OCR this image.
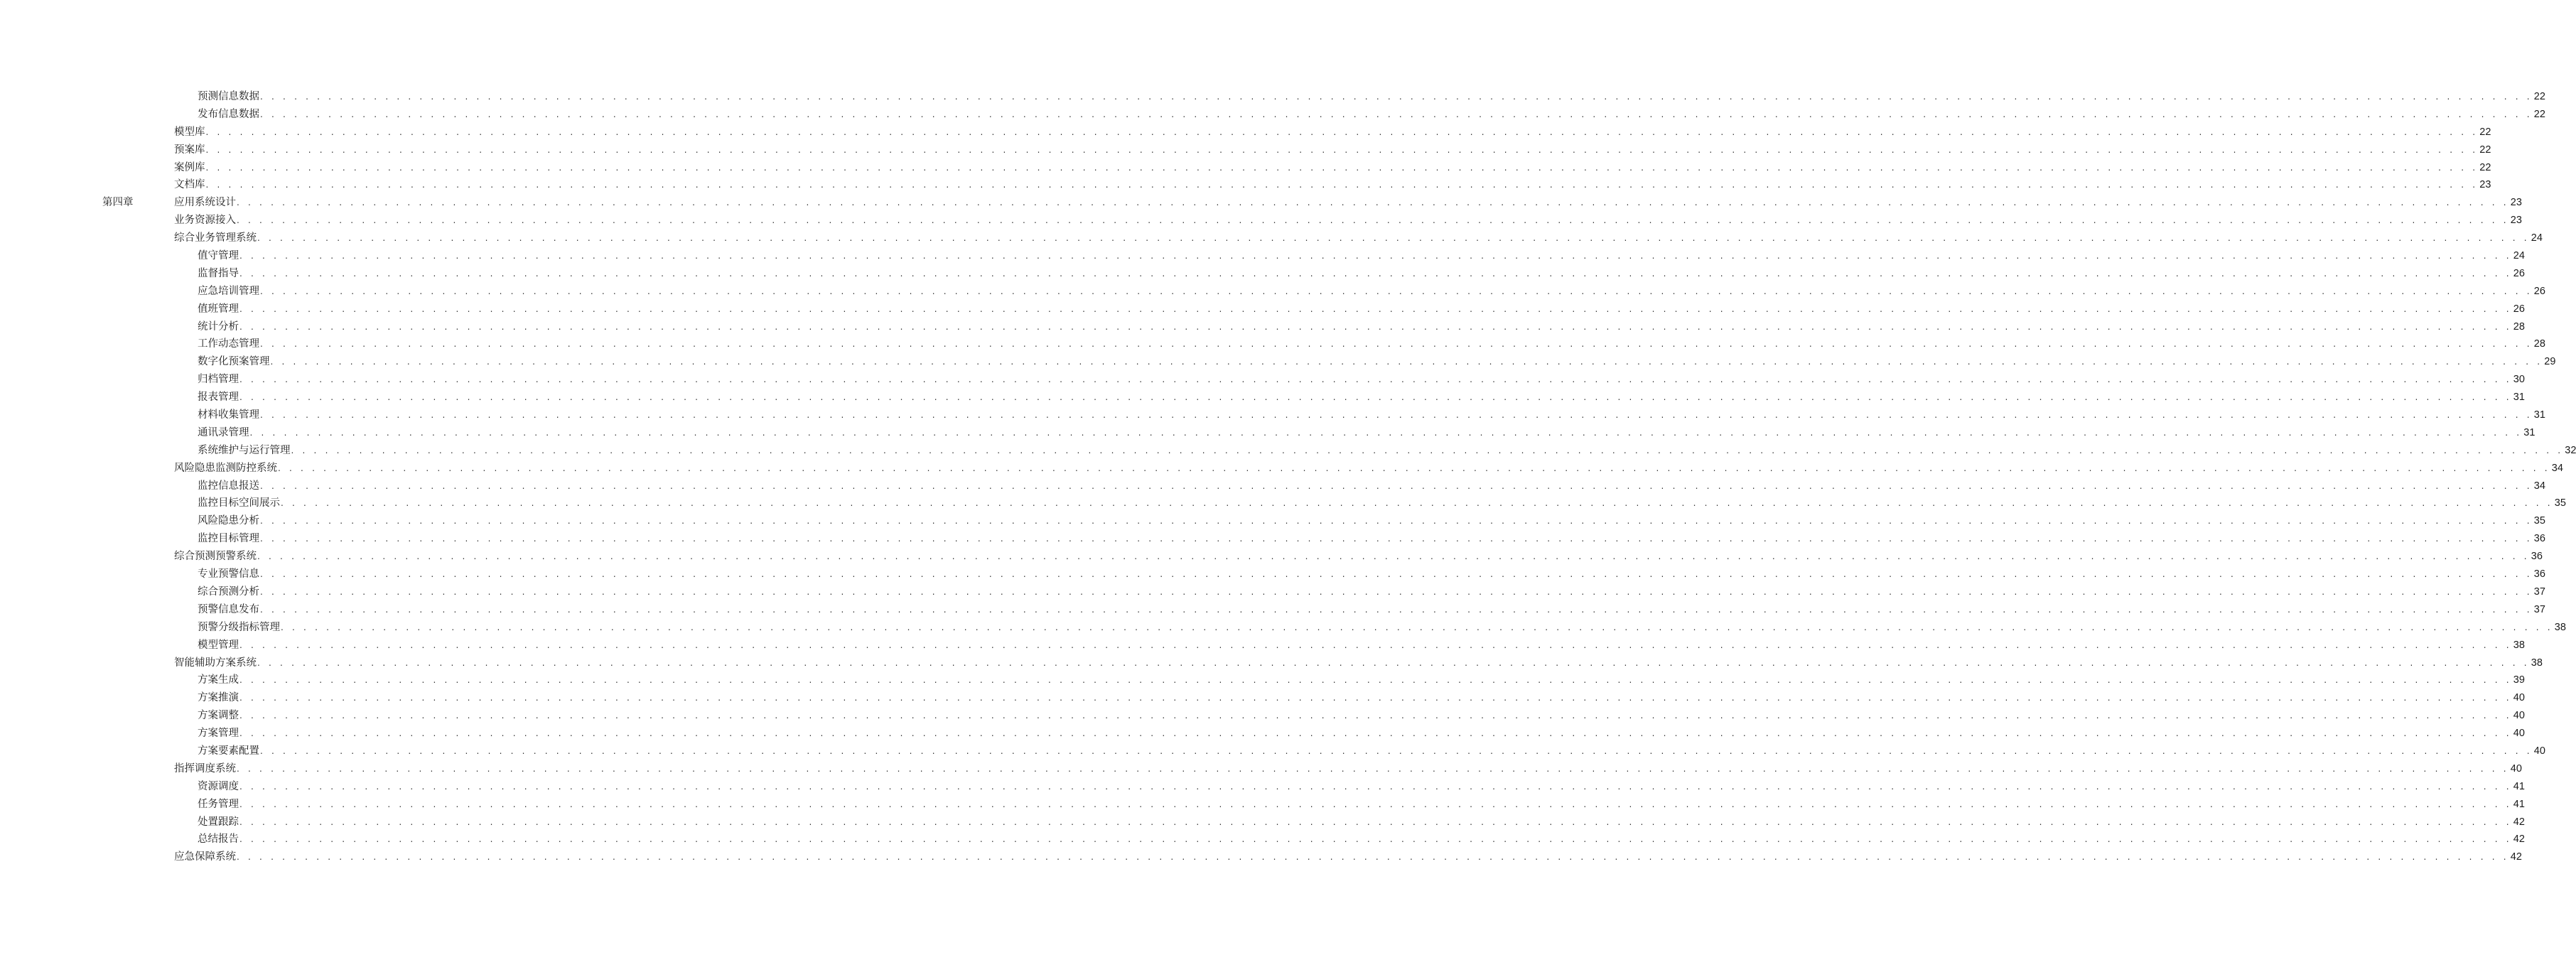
预测信息数据 . . . . . . . . . . . . . . . . . . . . . . . . . . . . . . . . . . . . . . . . . . . . . . . . . . . . . . . . . . . . . . . . . . . . . . . . . . . . . . . . . . . . . . . . . . . . . . . . . . . . . . . . . . . . . . . . . . . . . . . . . . . . . . . . . . . . . . . . . . . . . . . . . . . . . . . . . . . . . . . . . . . . . . . . . . . . . . . . . . . . . . . . . . . . . . . . . . . . . . . . 22
发布信息数据 . . . . . . . . . . . . . . . . . . . . . . . . . . . . . . . . . . . . . . . . . . . . . . . . . . . . . . . . . . . . . . . . . . . . . . . . . . . . . . . . . . . . . . . . . . . . . . . . . . . . . . . . . . . . . . . . . . . . . . . . . . . . . . . . . . . . . . . . . . . . . . . . . . . . . . . . . . . . . . . . . . . . . . . . . . . . . . . . . . . . . . . . . . . . . . . . . . . . . . . . 22
模型库 . . . . . . . . . . . . . . . . . . . . . . . . . . . . . . . . . . . . . . . . . . . . . . . . . . . . . . . . . . . . . . . . . . . . . . . . . . . . . . . . . . . . . . . . . . . . . . . . . . . . . . . . . . . . . . . . . . . . . . . . . . . . . . . . . . . . . . . . . . . . . . . . . . . . . . . . . . . . . . . . . . . . . . . . . . . . . . . . . . . . . . . . . . . . . . . . . . . . . . . . 22
预案库 . . . . . . . . . . . . . . . . . . . . . . . . . . . . . . . . . . . . . . . . . . . . . . . . . . . . . . . . . . . . . . . . . . . . . . . . . . . . . . . . . . . . . . . . . . . . . . . . . . . . . . . . . . . . . . . . . . . . . . . . . . . . . . . . . . . . . . . . . . . . . . . . . . . . . . . . . . . . . . . . . . . . . . . . . . . . . . . . . . . . . . . . . . . . . . . . . . . . . . . . 22
案例库 . . . . . . . . . . . . . . . . . . . . . . . . . . . . . . . . . . . . . . . . . . . . . . . . . . . . . . . . . . . . . . . . . . . . . . . . . . . . . . . . . . . . . . . . . . . . . . . . . . . . . . . . . . . . . . . . . . . . . . . . . . . . . . . . . . . . . . . . . . . . . . . . . . . . . . . . . . . . . . . . . . . . . . . . . . . . . . . . . . . . . . . . . . . . . . . . . . . . . . . . 22
文档库 . . . . . . . . . . . . . . . . . . . . . . . . . . . . . . . . . . . . . . . . . . . . . . . . . . . . . . . . . . . . . . . . . . . . . . . . . . . . . . . . . . . . . . . . . . . . . . . . . . . . . . . . . . . . . . . . . . . . . . . . . . . . . . . . . . . . . . . . . . . . . . . . . . . . . . . . . . . . . . . . . . . . . . . . . . . . . . . . . . . . . . . . . . . . . . . . . . . . . . . . 23
第四章	应用系统设计 . . . . . . . . . . . . . . . . . . . . . . . . . . . . . . . . . . . . . . . . . . . . . . . . . . . . . . . . . . . . . . . . . . . . . . . . . . . . . . . . . . . . . . . . . . . . . . . . . . . . . . . . . . . . . . . . . . . . . . . . . . . . . . . . . . . . . . . . . . . . . . . . . . . . . . . . . . . . . . . . . . . . . . . . . . . . . . . . . . . . . . . . . . . . . . . . . . . . . . . . 23
业务资源接入 . . . . . . . . . . . . . . . . . . . . . . . . . . . . . . . . . . . . . . . . . . . . . . . . . . . . . . . . . . . . . . . . . . . . . . . . . . . . . . . . . . . . . . . . . . . . . . . . . . . . . . . . . . . . . . . . . . . . . . . . . . . . . . . . . . . . . . . . . . . . . . . . . . . . . . . . . . . . . . . . . . . . . . . . . . . . . . . . . . . . . . . . . . . . . . . . . . . . . . . . 23
综合业务管理系统 . . . . . . . . . . . . . . . . . . . . . . . . . . . . . . . . . . . . . . . . . . . . . . . . . . . . . . . . . . . . . . . . . . . . . . . . . . . . . . . . . . . . . . . . . . . . . . . . . . . . . . . . . . . . . . . . . . . . . . . . . . . . . . . . . . . . . . . . . . . . . . . . . . . . . . . . . . . . . . . . . . . . . . . . . . . . . . . . . . . . . . . . . . . . . . . . . . . . . . . . 24
值守管理 . . . . . . . . . . . . . . . . . . . . . . . . . . . . . . . . . . . . . . . . . . . . . . . . . . . . . . . . . . . . . . . . . . . . . . . . . . . . . . . . . . . . . . . . . . . . . . . . . . . . . . . . . . . . . . . . . . . . . . . . . . . . . . . . . . . . . . . . . . . . . . . . . . . . . . . . . . . . . . . . . . . . . . . . . . . . . . . . . . . . . . . . . . . . . . . . . . . . . . . . 24
监督指导 . . . . . . . . . . . . . . . . . . . . . . . . . . . . . . . . . . . . . . . . . . . . . . . . . . . . . . . . . . . . . . . . . . . . . . . . . . . . . . . . . . . . . . . . . . . . . . . . . . . . . . . . . . . . . . . . . . . . . . . . . . . . . . . . . . . . . . . . . . . . . . . . . . . . . . . . . . . . . . . . . . . . . . . . . . . . . . . . . . . . . . . . . . . . . . . . . . . . . . . . 26
应急培训管理 . . . . . . . . . . . . . . . . . . . . . . . . . . . . . . . . . . . . . . . . . . . . . . . . . . . . . . . . . . . . . . . . . . . . . . . . . . . . . . . . . . . . . . . . . . . . . . . . . . . . . . . . . . . . . . . . . . . . . . . . . . . . . . . . . . . . . . . . . . . . . . . . . . . . . . . . . . . . . . . . . . . . . . . . . . . . . . . . . . . . . . . . . . . . . . . . . . . . . . . . 26
值班管理 . . . . . . . . . . . . . . . . . . . . . . . . . . . . . . . . . . . . . . . . . . . . . . . . . . . . . . . . . . . . . . . . . . . . . . . . . . . . . . . . . . . . . . . . . . . . . . . . . . . . . . . . . . . . . . . . . . . . . . . . . . . . . . . . . . . . . . . . . . . . . . . . . . . . . . . . . . . . . . . . . . . . . . . . . . . . . . . . . . . . . . . . . . . . . . . . . . . . . . . . 26
统计分析 . . . . . . . . . . . . . . . . . . . . . . . . . . . . . . . . . . . . . . . . . . . . . . . . . . . . . . . . . . . . . . . . . . . . . . . . . . . . . . . . . . . . . . . . . . . . . . . . . . . . . . . . . . . . . . . . . . . . . . . . . . . . . . . . . . . . . . . . . . . . . . . . . . . . . . . . . . . . . . . . . . . . . . . . . . . . . . . . . . . . . . . . . . . . . . . . . . . . . . . . 28
工作动态管理 . . . . . . . . . . . . . . . . . . . . . . . . . . . . . . . . . . . . . . . . . . . . . . . . . . . . . . . . . . . . . . . . . . . . . . . . . . . . . . . . . . . . . . . . . . . . . . . . . . . . . . . . . . . . . . . . . . . . . . . . . . . . . . . . . . . . . . . . . . . . . . . . . . . . . . . . . . . . . . . . . . . . . . . . . . . . . . . . . . . . . . . . . . . . . . . . . . . . . . . . 28
数字化预案管理 . . . . . . . . . . . . . . . . . . . . . . . . . . . . . . . . . . . . . . . . . . . . . . . . . . . . . . . . . . . . . . . . . . . . . . . . . . . . . . . . . . . . . . . . . . . . . . . . . . . . . . . . . . . . . . . . . . . . . . . . . . . . . . . . . . . . . . . . . . . . . . . . . . . . . . . . . . . . . . . . . . . . . . . . . . . . . . . . . . . . . . . . . . . . . . . . . . . . . . . . 29
归档管理 . . . . . . . . . . . . . . . . . . . . . . . . . . . . . . . . . . . . . . . . . . . . . . . . . . . . . . . . . . . . . . . . . . . . . . . . . . . . . . . . . . . . . . . . . . . . . . . . . . . . . . . . . . . . . . . . . . . . . . . . . . . . . . . . . . . . . . . . . . . . . . . . . . . . . . . . . . . . . . . . . . . . . . . . . . . . . . . . . . . . . . . . . . . . . . . . . . . . . . . . 30
报表管理 . . . . . . . . . . . . . . . . . . . . . . . . . . . . . . . . . . . . . . . . . . . . . . . . . . . . . . . . . . . . . . . . . . . . . . . . . . . . . . . . . . . . . . . . . . . . . . . . . . . . . . . . . . . . . . . . . . . . . . . . . . . . . . . . . . . . . . . . . . . . . . . . . . . . . . . . . . . . . . . . . . . . . . . . . . . . . . . . . . . . . . . . . . . . . . . . . . . . . . . . 31
材料收集管理 . . . . . . . . . . . . . . . . . . . . . . . . . . . . . . . . . . . . . . . . . . . . . . . . . . . . . . . . . . . . . . . . . . . . . . . . . . . . . . . . . . . . . . . . . . . . . . . . . . . . . . . . . . . . . . . . . . . . . . . . . . . . . . . . . . . . . . . . . . . . . . . . . . . . . . . . . . . . . . . . . . . . . . . . . . . . . . . . . . . . . . . . . . . . . . . . . . . . . . . . 31
通讯录管理 . . . . . . . . . . . . . . . . . . . . . . . . . . . . . . . . . . . . . . . . . . . . . . . . . . . . . . . . . . . . . . . . . . . . . . . . . . . . . . . . . . . . . . . . . . . . . . . . . . . . . . . . . . . . . . . . . . . . . . . . . . . . . . . . . . . . . . . . . . . . . . . . . . . . . . . . . . . . . . . . . . . . . . . . . . . . . . . . . . . . . . . . . . . . . . . . . . . . . . . . 31
系统维护与运行管理 . . . . . . . . . . . . . . . . . . . . . . . . . . . . . . . . . . . . . . . . . . . . . . . . . . . . . . . . . . . . . . . . . . . . . . . . . . . . . . . . . . . . . . . . . . . . . . . . . . . . . . . . . . . . . . . . . . . . . . . . . . . . . . . . . . . . . . . . . . . . . . . . . . . . . . . . . . . . . . . . . . . . . . . . . . . . . . . . . . . . . . . . . . . . . . . . . . . . . . . . 32
风险隐患监测防控系统 . . . . . . . . . . . . . . . . . . . . . . . . . . . . . . . . . . . . . . . . . . . . . . . . . . . . . . . . . . . . . . . . . . . . . . . . . . . . . . . . . . . . . . . . . . . . . . . . . . . . . . . . . . . . . . . . . . . . . . . . . . . . . . . . . . . . . . . . . . . . . . . . . . . . . . . . . . . . . . . . . . . . . . . . . . . . . . . . . . . . . . . . . . . . . . . . . . . . . . . . 34
监控信息报送 . . . . . . . . . . . . . . . . . . . . . . . . . . . . . . . . . . . . . . . . . . . . . . . . . . . . . . . . . . . . . . . . . . . . . . . . . . . . . . . . . . . . . . . . . . . . . . . . . . . . . . . . . . . . . . . . . . . . . . . . . . . . . . . . . . . . . . . . . . . . . . . . . . . . . . . . . . . . . . . . . . . . . . . . . . . . . . . . . . . . . . . . . . . . . . . . . . . . . . . . 34
监控目标空间展示 . . . . . . . . . . . . . . . . . . . . . . . . . . . . . . . . . . . . . . . . . . . . . . . . . . . . . . . . . . . . . . . . . . . . . . . . . . . . . . . . . . . . . . . . . . . . . . . . . . . . . . . . . . . . . . . . . . . . . . . . . . . . . . . . . . . . . . . . . . . . . . . . . . . . . . . . . . . . . . . . . . . . . . . . . . . . . . . . . . . . . . . . . . . . . . . . . . . . . . . . 35
风险隐患分析 . . . . . . . . . . . . . . . . . . . . . . . . . . . . . . . . . . . . . . . . . . . . . . . . . . . . . . . . . . . . . . . . . . . . . . . . . . . . . . . . . . . . . . . . . . . . . . . . . . . . . . . . . . . . . . . . . . . . . . . . . . . . . . . . . . . . . . . . . . . . . . . . . . . . . . . . . . . . . . . . . . . . . . . . . . . . . . . . . . . . . . . . . . . . . . . . . . . . . . . . 35
监控目标管理 . . . . . . . . . . . . . . . . . . . . . . . . . . . . . . . . . . . . . . . . . . . . . . . . . . . . . . . . . . . . . . . . . . . . . . . . . . . . . . . . . . . . . . . . . . . . . . . . . . . . . . . . . . . . . . . . . . . . . . . . . . . . . . . . . . . . . . . . . . . . . . . . . . . . . . . . . . . . . . . . . . . . . . . . . . . . . . . . . . . . . . . . . . . . . . . . . . . . . . . . 36
综合预测预警系统 . . . . . . . . . . . . . . . . . . . . . . . . . . . . . . . . . . . . . . . . . . . . . . . . . . . . . . . . . . . . . . . . . . . . . . . . . . . . . . . . . . . . . . . . . . . . . . . . . . . . . . . . . . . . . . . . . . . . . . . . . . . . . . . . . . . . . . . . . . . . . . . . . . . . . . . . . . . . . . . . . . . . . . . . . . . . . . . . . . . . . . . . . . . . . . . . . . . . . . . . 36
专业预警信息 . . . . . . . . . . . . . . . . . . . . . . . . . . . . . . . . . . . . . . . . . . . . . . . . . . . . . . . . . . . . . . . . . . . . . . . . . . . . . . . . . . . . . . . . . . . . . . . . . . . . . . . . . . . . . . . . . . . . . . . . . . . . . . . . . . . . . . . . . . . . . . . . . . . . . . . . . . . . . . . . . . . . . . . . . . . . . . . . . . . . . . . . . . . . . . . . . . . . . . . . 36
综合预测分析 . . . . . . . . . . . . . . . . . . . . . . . . . . . . . . . . . . . . . . . . . . . . . . . . . . . . . . . . . . . . . . . . . . . . . . . . . . . . . . . . . . . . . . . . . . . . . . . . . . . . . . . . . . . . . . . . . . . . . . . . . . . . . . . . . . . . . . . . . . . . . . . . . . . . . . . . . . . . . . . . . . . . . . . . . . . . . . . . . . . . . . . . . . . . . . . . . . . . . . . . 37
预警信息发布 . . . . . . . . . . . . . . . . . . . . . . . . . . . . . . . . . . . . . . . . . . . . . . . . . . . . . . . . . . . . . . . . . . . . . . . . . . . . . . . . . . . . . . . . . . . . . . . . . . . . . . . . . . . . . . . . . . . . . . . . . . . . . . . . . . . . . . . . . . . . . . . . . . . . . . . . . . . . . . . . . . . . . . . . . . . . . . . . . . . . . . . . . . . . . . . . . . . . . . . . 37
预警分级指标管理 . . . . . . . . . . . . . . . . . . . . . . . . . . . . . . . . . . . . . . . . . . . . . . . . . . . . . . . . . . . . . . . . . . . . . . . . . . . . . . . . . . . . . . . . . . . . . . . . . . . . . . . . . . . . . . . . . . . . . . . . . . . . . . . . . . . . . . . . . . . . . . . . . . . . . . . . . . . . . . . . . . . . . . . . . . . . . . . . . . . . . . . . . . . . . . . . . . . . . . . . 38
模型管理 . . . . . . . . . . . . . . . . . . . . . . . . . . . . . . . . . . . . . . . . . . . . . . . . . . . . . . . . . . . . . . . . . . . . . . . . . . . . . . . . . . . . . . . . . . . . . . . . . . . . . . . . . . . . . . . . . . . . . . . . . . . . . . . . . . . . . . . . . . . . . . . . . . . . . . . . . . . . . . . . . . . . . . . . . . . . . . . . . . . . . . . . . . . . . . . . . . . . . . . . 38
智能辅助方案系统 . . . . . . . . . . . . . . . . . . . . . . . . . . . . . . . . . . . . . . . . . . . . . . . . . . . . . . . . . . . . . . . . . . . . . . . . . . . . . . . . . . . . . . . . . . . . . . . . . . . . . . . . . . . . . . . . . . . . . . . . . . . . . . . . . . . . . . . . . . . . . . . . . . . . . . . . . . . . . . . . . . . . . . . . . . . . . . . . . . . . . . . . . . . . . . . . . . . . . . . . 38
方案生成 . . . . . . . . . . . . . . . . . . . . . . . . . . . . . . . . . . . . . . . . . . . . . . . . . . . . . . . . . . . . . . . . . . . . . . . . . . . . . . . . . . . . . . . . . . . . . . . . . . . . . . . . . . . . . . . . . . . . . . . . . . . . . . . . . . . . . . . . . . . . . . . . . . . . . . . . . . . . . . . . . . . . . . . . . . . . . . . . . . . . . . . . . . . . . . . . . . . . . . . . 39
方案推演 . . . . . . . . . . . . . . . . . . . . . . . . . . . . . . . . . . . . . . . . . . . . . . . . . . . . . . . . . . . . . . . . . . . . . . . . . . . . . . . . . . . . . . . . . . . . . . . . . . . . . . . . . . . . . . . . . . . . . . . . . . . . . . . . . . . . . . . . . . . . . . . . . . . . . . . . . . . . . . . . . . . . . . . . . . . . . . . . . . . . . . . . . . . . . . . . . . . . . . . . 40
方案调整 . . . . . . . . . . . . . . . . . . . . . . . . . . . . . . . . . . . . . . . . . . . . . . . . . . . . . . . . . . . . . . . . . . . . . . . . . . . . . . . . . . . . . . . . . . . . . . . . . . . . . . . . . . . . . . . . . . . . . . . . . . . . . . . . . . . . . . . . . . . . . . . . . . . . . . . . . . . . . . . . . . . . . . . . . . . . . . . . . . . . . . . . . . . . . . . . . . . . . . . . 40
方案管理 . . . . . . . . . . . . . . . . . . . . . . . . . . . . . . . . . . . . . . . . . . . . . . . . . . . . . . . . . . . . . . . . . . . . . . . . . . . . . . . . . . . . . . . . . . . . . . . . . . . . . . . . . . . . . . . . . . . . . . . . . . . . . . . . . . . . . . . . . . . . . . . . . . . . . . . . . . . . . . . . . . . . . . . . . . . . . . . . . . . . . . . . . . . . . . . . . . . . . . . . 40
方案要素配置 . . . . . . . . . . . . . . . . . . . . . . . . . . . . . . . . . . . . . . . . . . . . . . . . . . . . . . . . . . . . . . . . . . . . . . . . . . . . . . . . . . . . . . . . . . . . . . . . . . . . . . . . . . . . . . . . . . . . . . . . . . . . . . . . . . . . . . . . . . . . . . . . . . . . . . . . . . . . . . . . . . . . . . . . . . . . . . . . . . . . . . . . . . . . . . . . . . . . . . . . 40
指挥调度系统 . . . . . . . . . . . . . . . . . . . . . . . . . . . . . . . . . . . . . . . . . . . . . . . . . . . . . . . . . . . . . . . . . . . . . . . . . . . . . . . . . . . . . . . . . . . . . . . . . . . . . . . . . . . . . . . . . . . . . . . . . . . . . . . . . . . . . . . . . . . . . . . . . . . . . . . . . . . . . . . . . . . . . . . . . . . . . . . . . . . . . . . . . . . . . . . . . . . . . . . . 40
资源调度 . . . . . . . . . . . . . . . . . . . . . . . . . . . . . . . . . . . . . . . . . . . . . . . . . . . . . . . . . . . . . . . . . . . . . . . . . . . . . . . . . . . . . . . . . . . . . . . . . . . . . . . . . . . . . . . . . . . . . . . . . . . . . . . . . . . . . . . . . . . . . . . . . . . . . . . . . . . . . . . . . . . . . . . . . . . . . . . . . . . . . . . . . . . . . . . . . . . . . . . . 41
任务管理 . . . . . . . . . . . . . . . . . . . . . . . . . . . . . . . . . . . . . . . . . . . . . . . . . . . . . . . . . . . . . . . . . . . . . . . . . . . . . . . . . . . . . . . . . . . . . . . . . . . . . . . . . . . . . . . . . . . . . . . . . . . . . . . . . . . . . . . . . . . . . . . . . . . . . . . . . . . . . . . . . . . . . . . . . . . . . . . . . . . . . . . . . . . . . . . . . . . . . . . . 41
处置跟踪 . . . . . . . . . . . . . . . . . . . . . . . . . . . . . . . . . . . . . . . . . . . . . . . . . . . . . . . . . . . . . . . . . . . . . . . . . . . . . . . . . . . . . . . . . . . . . . . . . . . . . . . . . . . . . . . . . . . . . . . . . . . . . . . . . . . . . . . . . . . . . . . . . . . . . . . . . . . . . . . . . . . . . . . . . . . . . . . . . . . . . . . . . . . . . . . . . . . . . . . . 42
总结报告 . . . . . . . . . . . . . . . . . . . . . . . . . . . . . . . . . . . . . . . . . . . . . . . . . . . . . . . . . . . . . . . . . . . . . . . . . . . . . . . . . . . . . . . . . . . . . . . . . . . . . . . . . . . . . . . . . . . . . . . . . . . . . . . . . . . . . . . . . . . . . . . . . . . . . . . . . . . . . . . . . . . . . . . . . . . . . . . . . . . . . . . . . . . . . . . . . . . . . . . . 42
应急保障系统 . . . . . . . . . . . . . . . . . . . . . . . . . . . . . . . . . . . . . . . . . . . . . . . . . . . . . . . . . . . . . . . . . . . . . . . . . . . . . . . . . . . . . . . . . . . . . . . . . . . . . . . . . . . . . . . . . . . . . . . . . . . . . . . . . . . . . . . . . . . . . . . . . . . . . . . . . . . . . . . . . . . . . . . . . . . . . . . . . . . . . . . . . . . . . . . . . . . . . . . . 42
